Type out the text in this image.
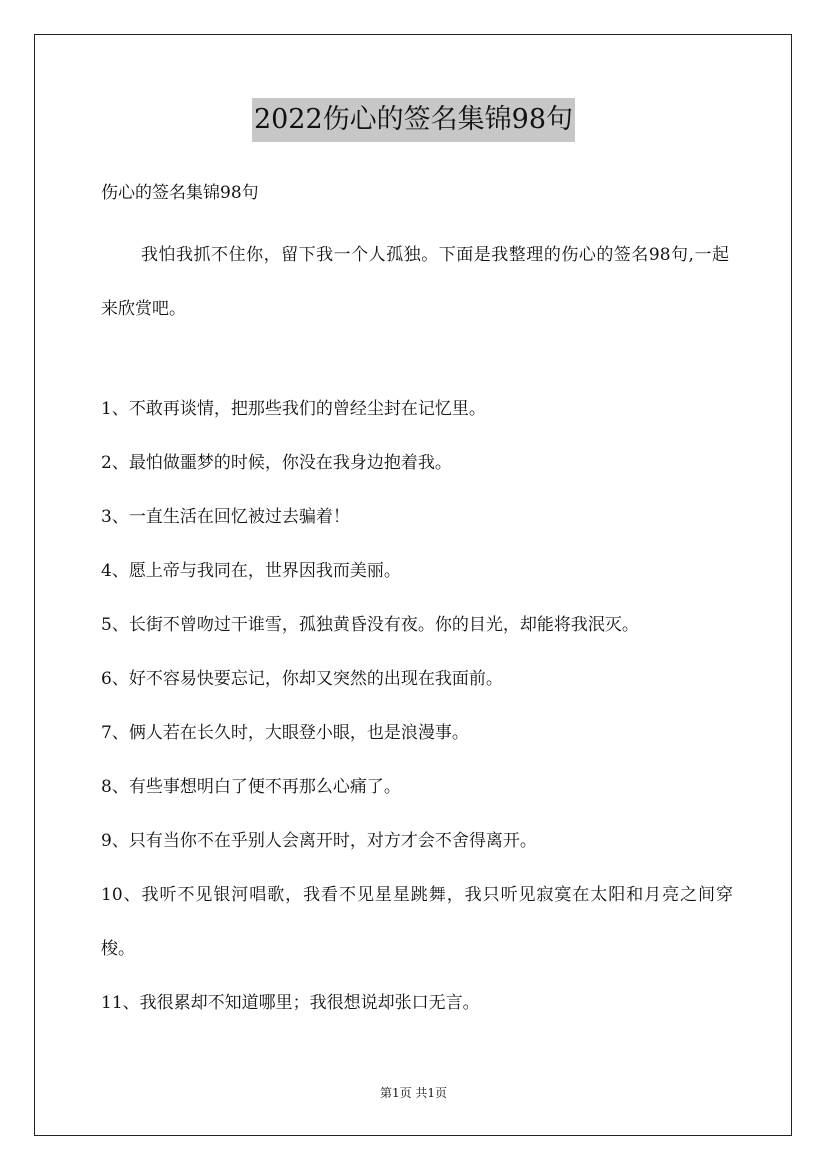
2022伤心的签名集锦98句
伤心的签名集锦98句
我怕我抓不住你，留下我一个人孤独。下面是我整理的伤心的签名98句,一起来欣赏吧。
1、不敢再谈情，把那些我们的曾经尘封在记忆里。
2、最怕做噩梦的时候，你没在我身边抱着我。
3、一直生活在回忆被过去骗着！
4、愿上帝与我同在，世界因我而美丽。
5、长街不曾吻过干谁雪，孤独黄昏没有夜。你的目光，却能将我泯灭。
6、好不容易快要忘记，你却又突然的出现在我面前。
7、俩人若在长久时，大眼登小眼，也是浪漫事。
8、有些事想明白了便不再那么心痛了。
9、只有当你不在乎别人会离开时，对方才会不舍得离开。
10、我听不见银河唱歌，我看不见星星跳舞，我只听见寂寞在太阳和月亮之间穿梭。
11、我很累却不知道哪里；我很想说却张口无言。
第1页 共1页
